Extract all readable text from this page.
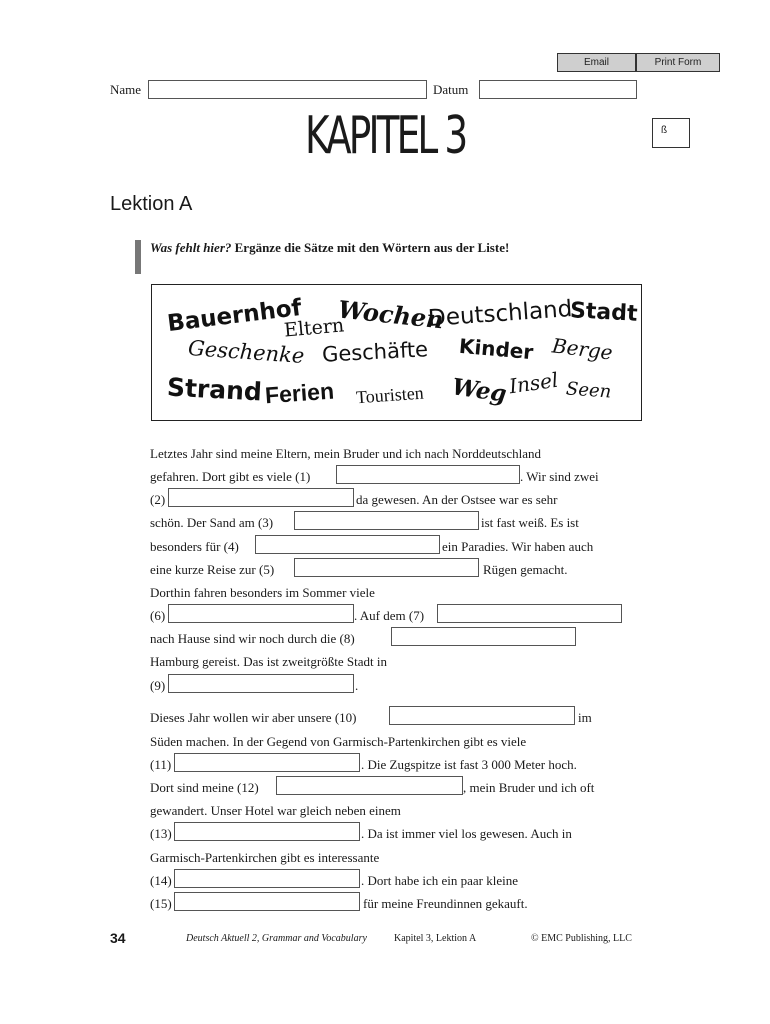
Email	Print Form
Name	Datum
ß
KAPITEL 3
Lektion A
Was fehlt hier? Ergänze die Sätze mit den Wörtern aus der Liste!
Bauernhof
Eltern
Wochen
Deutschland
Stadt
Geschenke Geschäfte Kinder Berge
Strand Ferien Touristen Weg Insel Seen
Letztes Jahr sind meine Eltern, mein Bruder und ich nach Norddeutschland
gefahren. Dort gibt es viele (1)	. Wir sind zwei
(2)	da gewesen. An der Ostsee war es sehr
schön. Der Sand am (3)	ist fast weiß. Es ist
besonders für (4)	ein Paradies. Wir haben auch
eine kurze Reise zur (5)	Rügen gemacht.
Dorthin fahren besonders im Sommer viele
(6)	. Auf dem (7)
nach Hause sind wir noch durch die (8)
Hamburg gereist. Das ist zweitgrößte Stadt in
(9)	.
Dieses Jahr wollen wir aber unsere (10)	im
Süden machen. In der Gegend von Garmisch-Partenkirchen gibt es viele
(11)	. Die Zugspitze ist fast 3 000 Meter hoch.
Dort sind meine (12)	, mein Bruder und ich oft
gewandert. Unser Hotel war gleich neben einem
(13)	. Da ist immer viel los gewesen. Auch in
Garmisch-Partenkirchen gibt es interessante
(14)	. Dort habe ich ein paar kleine
(15)	für meine Freundinnen gekauft.
34	Deutsch Aktuell 2, Grammar and Vocabulary	Kapitel 3, Lektion A	© EMC Publishing, LLC
